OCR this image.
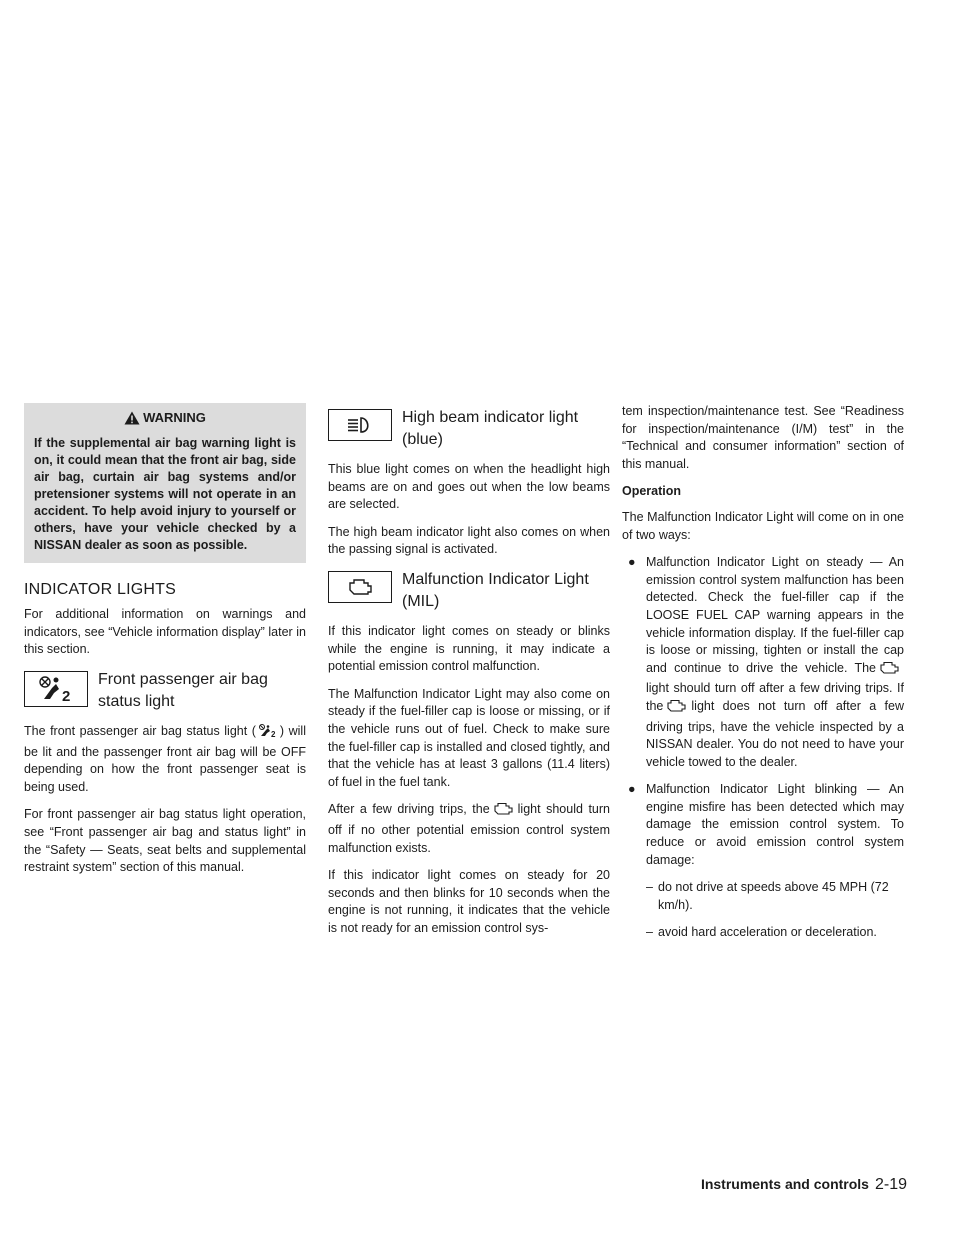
WARNING

If the supplemental air bag warning light is on, it could mean that the front air bag, side air bag, curtain air bag systems and/or pretensioner systems will not operate in an accident. To help avoid injury to yourself or others, have your vehicle checked by a NISSAN dealer as soon as possible.

INDICATOR LIGHTS

For additional information on warnings and indicators, see “Vehicle information display” later in this section.

2
Front passenger air bag status light

The front passenger air bag status light ( 2 ) will be lit and the passenger front air bag will be OFF depending on how the front passenger seat is being used.

For front passenger air bag status light operation, see “Front passenger air bag and status light” in the “Safety — Seats, seat belts and supplemental restraint system” section of this manual.

High beam indicator light (blue)

This blue light comes on when the headlight high beams are on and goes out when the low beams are selected.

The high beam indicator light also comes on when the passing signal is activated.

Malfunction Indicator Light (MIL)

If this indicator light comes on steady or blinks while the engine is running, it may indicate a potential emission control malfunction.

The Malfunction Indicator Light may also come on steady if the fuel-filler cap is loose or missing, or if the vehicle runs out of fuel. Check to make sure the fuel-filler cap is installed and closed tightly, and that the vehicle has at least 3 gallons (11.4 liters) of fuel in the fuel tank.

After a few driving trips, the light should turn off if no other potential emission control system malfunction exists.

If this indicator light comes on steady for 20 seconds and then blinks for 10 seconds when the engine is not running, it indicates that the vehicle is not ready for an emission control sys-

tem inspection/maintenance test. See “Readiness for inspection/maintenance (I/M) test” in the “Technical and consumer information” section of this manual.

Operation

The Malfunction Indicator Light will come on in one of two ways:

● Malfunction Indicator Light on steady — An emission control system malfunction has been detected. Check the fuel-filler cap if the LOOSE FUEL CAP warning appears in the vehicle information display. If the fuel-filler cap is loose or missing, tighten or install the cap and continue to drive the vehicle. Thelight should turn off after a few driving trips. If the light does not turn off after a few driving trips, have the vehicle inspected by a NISSAN dealer. You do not need to have your vehicle towed to the dealer.
● Malfunction Indicator Light blinking — An engine misfire has been detected which may damage the emission control system. To reduce or avoid emission control system damage:
– do not drive at speeds above 45 MPH (72 km/h).
– avoid hard acceleration or deceleration.
Instruments and controls 2-19
